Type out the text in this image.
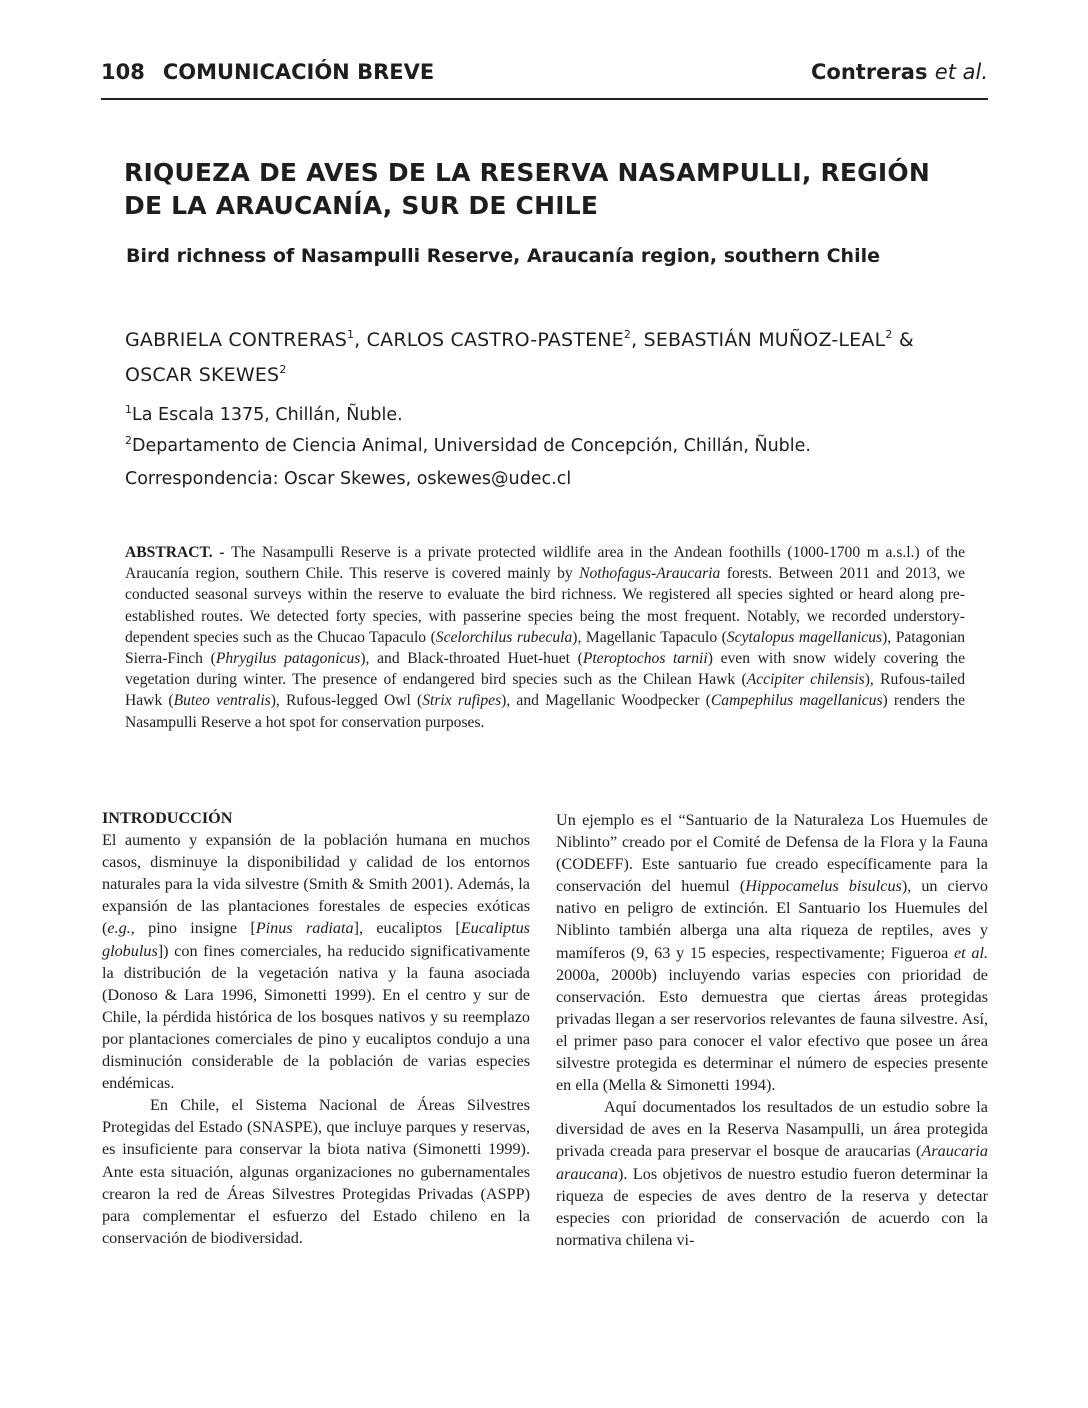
108 COMUNICACIÓN BREVE	Contreras et al.
RIQUEZA DE AVES DE LA RESERVA NASAMPULLI, REGIÓN DE LA ARAUCANÍA, SUR DE CHILE
Bird richness of Nasampulli Reserve, Araucanía region, southern Chile
GABRIELA CONTRERAS$^1$, CARLOS CASTRO-PASTENE$^2$, SEBASTIÁN MUÑOZ-LEAL$^2$ & OSCAR SKEWES$^2$
$^1$La Escala 1375, Chillán, Ñuble.
$^2$Departamento de Ciencia Animal, Universidad de Concepción, Chillán, Ñuble.
Correspondencia: Oscar Skewes, oskewes@udec.cl

ABSTRACT. - The Nasampulli Reserve is a private protected wildlife area in the Andean foothills (1000-1700 m a.s.l.) of the Araucanía region, southern Chile. This reserve is covered mainly by Nothofagus-Araucaria forests. Between 2011 and 2013, we conducted seasonal surveys within the reserve to evaluate the bird richness. We registered all species sighted or heard along pre-established routes. We detected forty species, with passerine species being the most frequent. Notably, we recorded understory-dependent species such as the Chucao Tapaculo (Scelorchilus rubecula), Magellanic Tapaculo (Scytalopus magellanicus), Patagonian Sierra-Finch (Phrygilus patagonicus), and Black-throated Huet-huet (Pteroptochos tarnii) even with snow widely covering the vegetation during winter. The presence of endangered bird species such as the Chilean Hawk (Accipiter chilensis), Rufous-tailed Hawk (Buteo ventralis), Rufous-legged Owl (Strix rufipes), and Magellanic Woodpecker (Campephilus magellanicus) renders the Nasampulli Reserve a hot spot for conservation purposes.

INTRODUCCIÓN

El aumento y expansión de la población humana en muchos casos, disminuye la disponibilidad y calidad de los entornos naturales para la vida silvestre (Smith & Smith 2001). Además, la expansión de las plantaciones forestales de especies exóticas (e.g., pino insigne [Pinus radiata], eucaliptos [Eucaliptus globulus]) con fines comerciales, ha reducido significativamente la distribución de la vegetación nativa y la fauna asociada (Donoso & Lara 1996, Simonetti 1999). En el centro y sur de Chile, la pérdida histórica de los bosques nativos y su reemplazo por plantaciones comerciales de pino y eucaliptos condujo a una disminución considerable de la población de varias especies endémicas.

En Chile, el Sistema Nacional de Áreas Silvestres Protegidas del Estado (SNASPE), que incluye parques y reservas, es insuficiente para conservar la biota nativa (Simonetti 1999). Ante esta situación, algunas organizaciones no gubernamentales crearon la red de Áreas Silvestres Protegidas Privadas (ASPP) para complementar el esfuerzo del Estado chileno en la conservación de biodiversidad.

Un ejemplo es el “Santuario de la Naturaleza Los Huemules de Niblinto” creado por el Comité de Defensa de la Flora y la Fauna (CODEFF). Este santuario fue creado específicamente para la conservación del huemul (Hippocamelus bisulcus), un ciervo nativo en peligro de extinción. El Santuario los Huemules del Niblinto también alberga una alta riqueza de reptiles, aves y mamíferos (9, 63 y 15 especies, respectivamente; Figueroa et al. 2000a, 2000b) incluyendo varias especies con prioridad de conservación. Esto demuestra que ciertas áreas protegidas privadas llegan a ser reservorios relevantes de fauna silvestre. Así, el primer paso para conocer el valor efectivo que posee un área silvestre protegida es determinar el número de especies presente en ella (Mella & Simonetti 1994).

Aquí documentados los resultados de un estudio sobre la diversidad de aves en la Reserva Nasampulli, un área protegida privada creada para preservar el bosque de araucarias (Araucaria araucana). Los objetivos de nuestro estudio fueron determinar la riqueza de especies de aves dentro de la reserva y detectar especies con prioridad de conservación de acuerdo con la normativa chilena vi-
